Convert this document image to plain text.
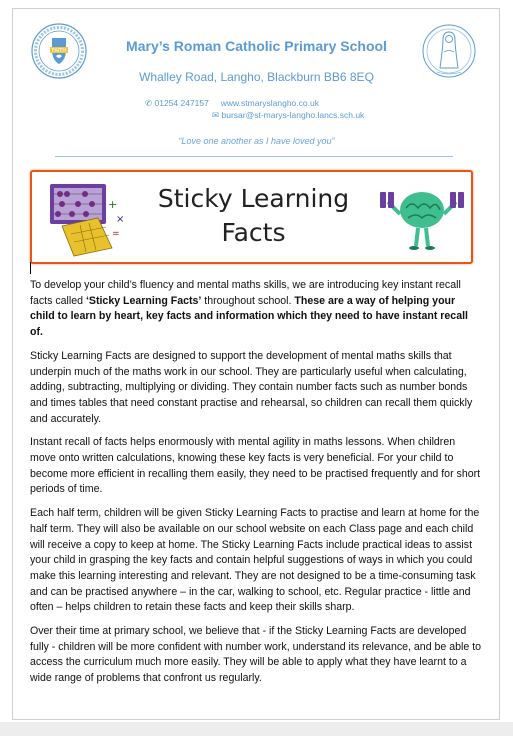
FAITH	Mary’s Roman Catholic Primary School
Whalley Road, Langho, Blackburn BB6 8EQ
✆ 01254 247157 www.stmaryslangho.co.uk
✉ bursar@st-marys-langho.lancs.sch.uk
“Love one another as I have loved you”
+
×
=
Sticky Learning
Facts

To develop your child’s fluency and mental maths skills, we are introducing key instant recall facts called ‘Sticky Learning Facts’ throughout school. These are a way of helping your child to learn by heart, key facts and information which they need to have instant recall of.

Sticky Learning Facts are designed to support the development of mental maths skills that underpin much of the maths work in our school. They are particularly useful when calculating, adding, subtracting, multiplying or dividing. They contain number facts such as number bonds and times tables that need constant practise and rehearsal, so children can recall them quickly and accurately.

Instant recall of facts helps enormously with mental agility in maths lessons. When children move onto written calculations, knowing these key facts is very beneficial. For your child to become more efficient in recalling them easily, they need to be practised frequently and for short periods of time.

Each half term, children will be given Sticky Learning Facts to practise and learn at home for the half term. They will also be available on our school website on each Class page and each child will receive a copy to keep at home. The Sticky Learning Facts include practical ideas to assist your child in grasping the key facts and contain helpful suggestions of ways in which you could make this learning interesting and relevant. They are not designed to be a time-consuming task and can be practised anywhere – in the car, walking to school, etc. Regular practice - little and often – helps children to retain these facts and keep their skills sharp.

Over their time at primary school, we believe that - if the Sticky Learning Facts are developed fully - children will be more confident with number work, understand its relevance, and be able to access the curriculum much more easily. They will be able to apply what they have learnt to a wide range of problems that confront us regularly.
